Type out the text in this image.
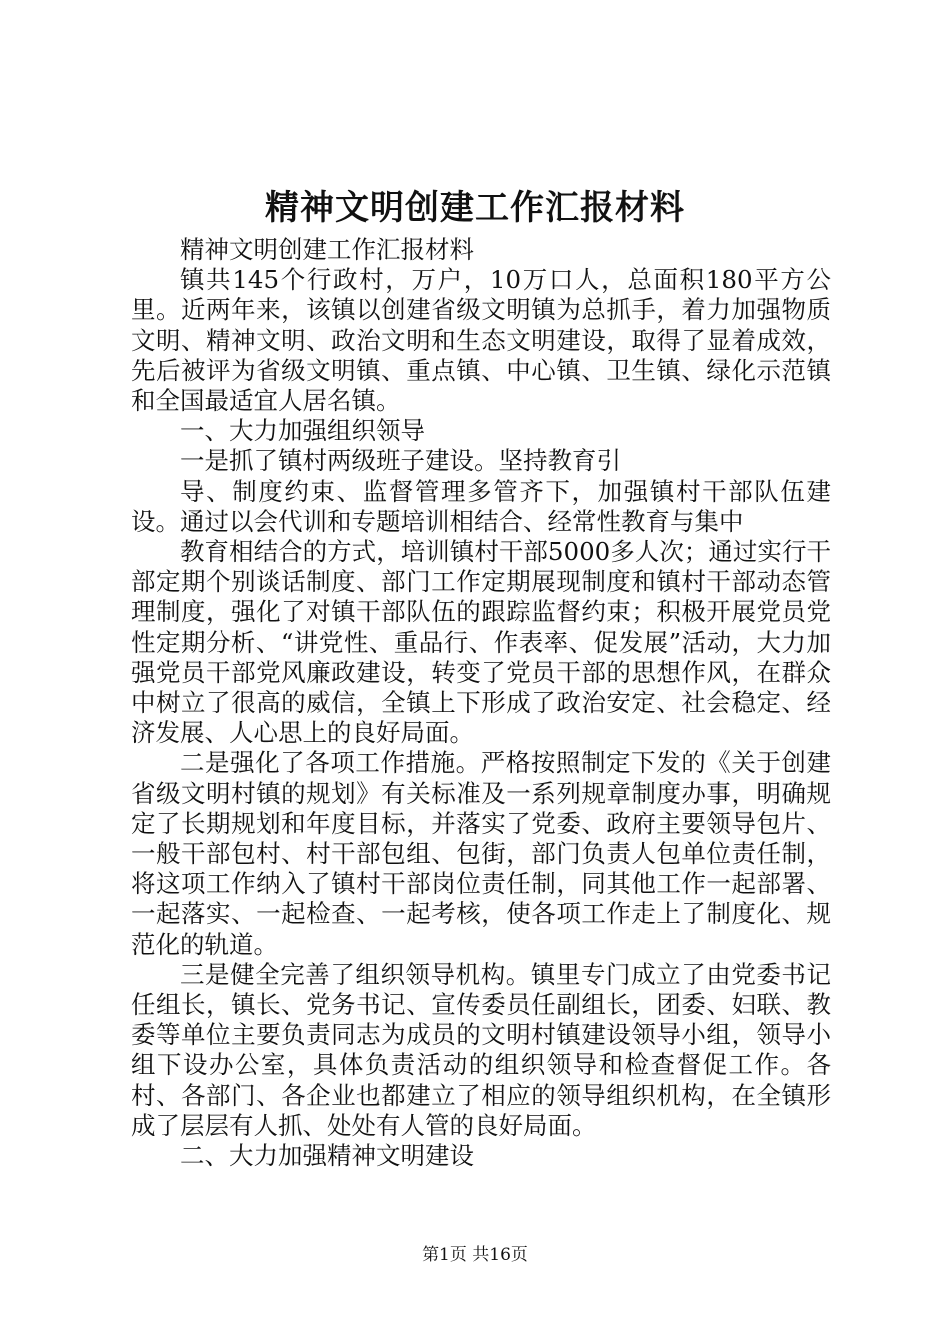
精神文明创建工作汇报材料

精神文明创建工作汇报材料

镇共145个行政村，万户，10万口人，总面积180平方公里。近两年来，该镇以创建省级文明镇为总抓手，着力加强物质文明、精神文明、政治文明和生态文明建设，取得了显着成效，先后被评为省级文明镇、重点镇、中心镇、卫生镇、绿化示范镇和全国最适宜人居名镇。

一、大力加强组织领导

一是抓了镇村两级班子建设。坚持教育引

导、制度约束、监督管理多管齐下，加强镇村干部队伍建设。通过以会代训和专题培训相结合、经常性教育与集中

教育相结合的方式，培训镇村干部5000多人次；通过实行干部定期个别谈话制度、部门工作定期展现制度和镇村干部动态管理制度，强化了对镇干部队伍的跟踪监督约束；积极开展党员党性定期分析、“讲党性、重品行、作表率、促发展”活动，大力加强党员干部党风廉政建设，转变了党员干部的思想作风，在群众中树立了很高的威信，全镇上下形成了政治安定、社会稳定、经济发展、人心思上的良好局面。

二是强化了各项工作措施。严格按照制定下发的《关于创建省级文明村镇的规划》有关标准及一系列规章制度办事，明确规定了长期规划和年度目标，并落实了党委、政府主要领导包片、一般干部包村、村干部包组、包街，部门负责人包单位责任制，将这项工作纳入了镇村干部岗位责任制，同其他工作一起部署、一起落实、一起检查、一起考核，使各项工作走上了制度化、规范化的轨道。

三是健全完善了组织领导机构。镇里专门成立了由党委书记任组长，镇长、党务书记、宣传委员任副组长，团委、妇联、教委等单位主要负责同志为成员的文明村镇建设领导小组，领导小组下设办公室，具体负责活动的组织领导和检查督促工作。各村、各部门、各企业也都建立了相应的领导组织机构，在全镇形成了层层有人抓、处处有人管的良好局面。

二、大力加强精神文明建设

第1页 共16页
